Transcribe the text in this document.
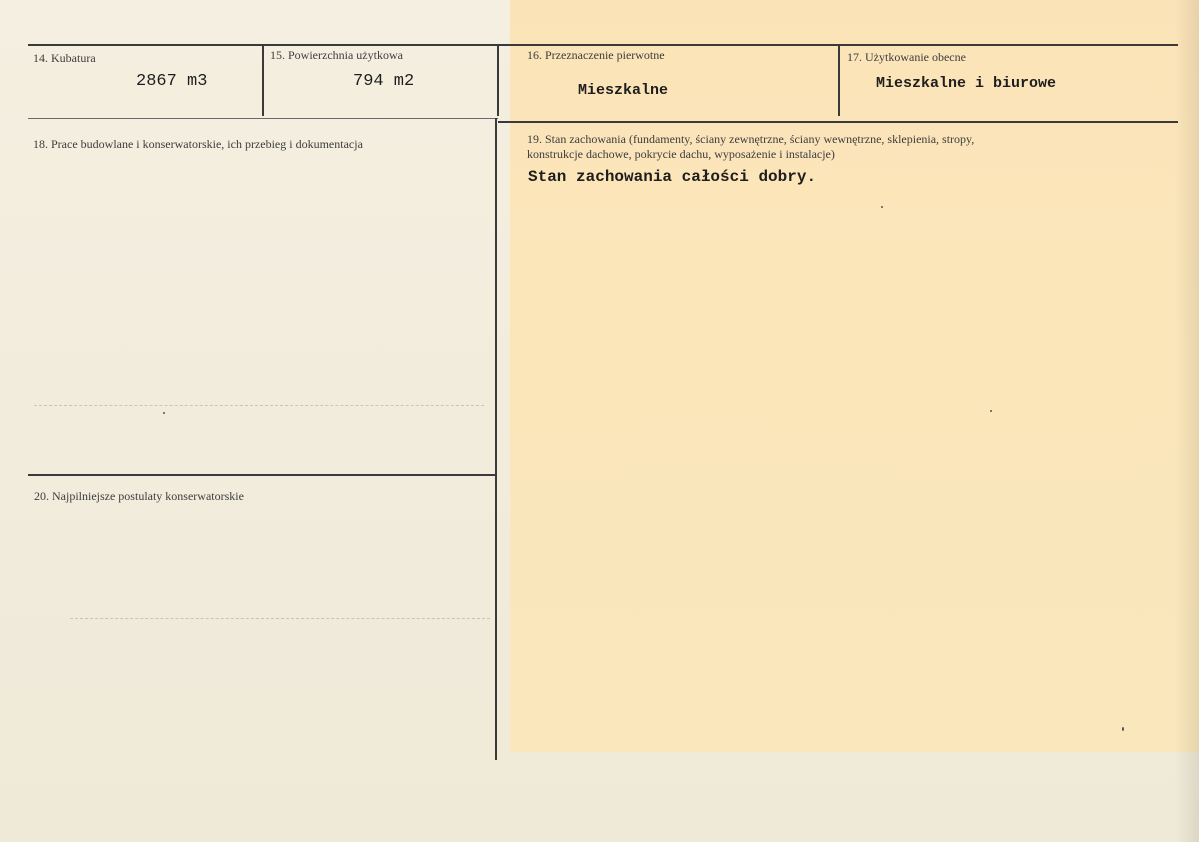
14. Kubatura
2867 m3
15. Powierzchnia użytkowa
794 m2
16. Przeznaczenie pierwotne
Mieszkalne
17. Użytkowanie obecne
Mieszkalne i biurowe
18. Prace budowlane i konserwatorskie, ich przebieg i dokumentacja	19. Stan zachowania (fundamenty, ściany zewnętrzne, ściany wewnętrzne, sklepienia, stropy,
konstrukcje dachowe, pokrycie dachu, wyposażenie i instalacje)
Stan zachowania całości dobry.
20. Najpilniejsze postulaty konserwatorskie
